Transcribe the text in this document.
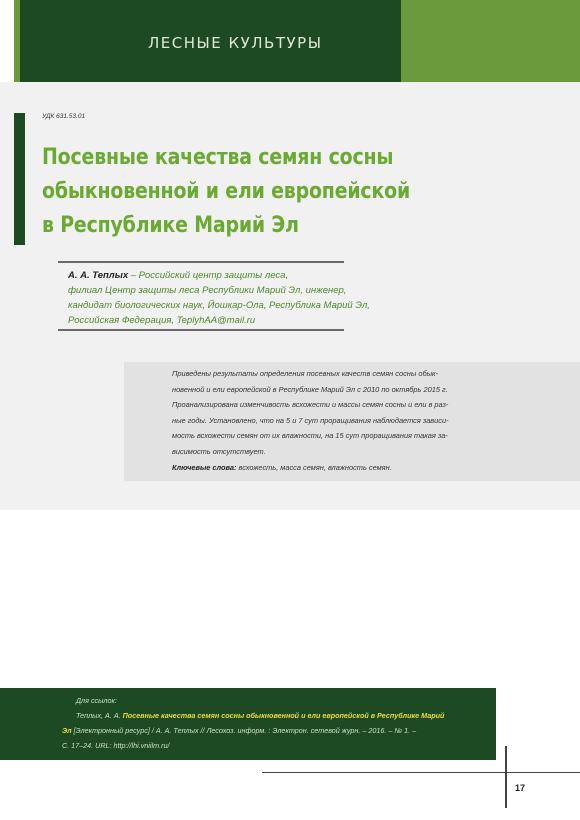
ЛЕСНЫЕ КУЛЬТУРЫ
УДК 631.53.01
Посевные качества семян сосны
обыкновенной и ели европейской
в Республике Марий Эл
А. А. Теплых – Российский центр защиты леса,
филиал Центр защиты леса Республики Марий Эл, инженер,
кандидат биологических наук, Йошкар-Ола, Республика Марий Эл,
Российская Федерация, TeplyhAA@mail.ru
Приведены результаты определения посевных качеств семян сосны обык-
новенной и ели европейской в Республике Марий Эл с 2010 по октябрь 2015 г.
Проанализирована изменчивость всхожести и массы семян сосны и ели в раз-
ные годы. Установлено, что на 5 и 7 сут проращивания наблюдается зависи-
мость всхожести семян от их влажности, на 15 сут проращивания такая за-
висимость отсутствует.
Ключевые слова: всхожесть, масса семян, влажность семян.
Для ссылок:
Теплых, А. А. Посевные качества семян сосны обыкновенной и ели европейской в Республике Марий
Эл [Электронный ресурс] / А. А. Теплых // Лесохоз. информ. : Электрон. сетевой журн. – 2016. – № 1. –
С. 17–24. URL: http://lhi.vniilm.ru/
17
